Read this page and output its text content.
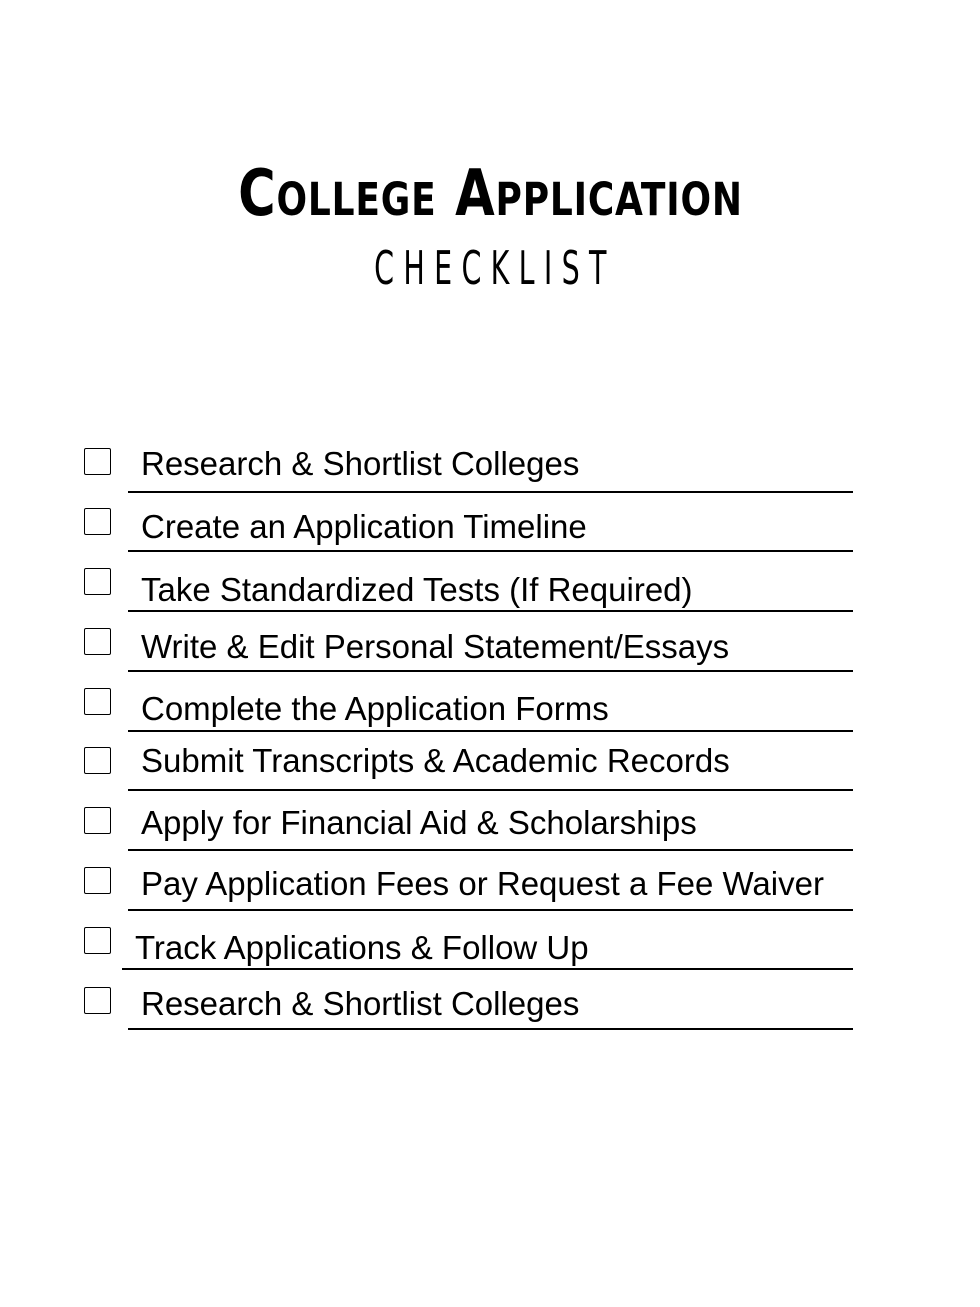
College Application
CHECKLIST
Research & Shortlist Colleges
Create an Application Timeline
Take Standardized Tests (If Required)
Write & Edit Personal Statement/Essays
Complete the Application Forms
Submit Transcripts & Academic Records
Apply for Financial Aid & Scholarships
Pay Application Fees or Request a Fee Waiver
Track Applications & Follow Up
Research & Shortlist Colleges
